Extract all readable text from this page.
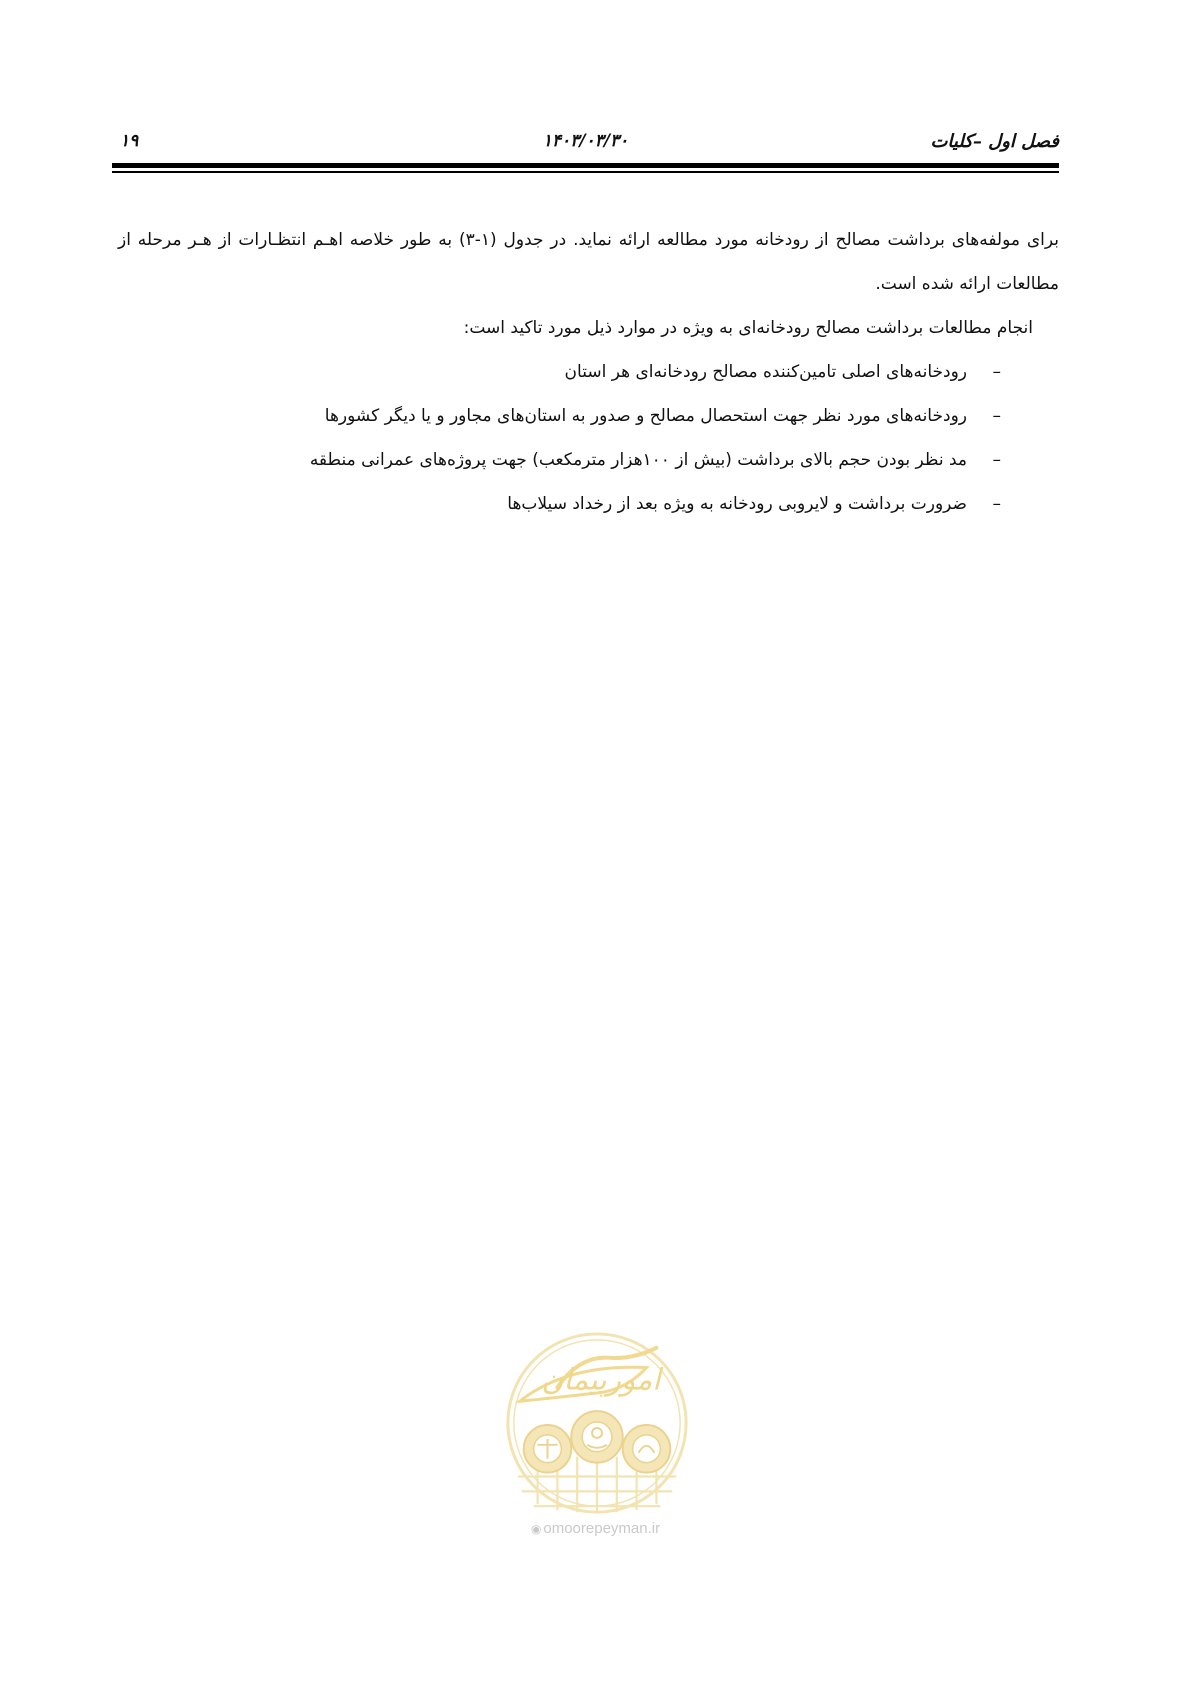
فصل اول –کلیات
۱۴۰۳/۰۳/۳۰
۱۹

برای مولفه‌های برداشت مصالح از رودخانه مورد مطالعه ارائه نماید. در جدول (۱-۳) به طور خلاصه اهـم انتظـارات از هـر مرحله از مطالعات ارائه شده است.

انجام مطالعات برداشت مصالح رودخانه‌ای به ویژه در موارد ذیل مورد تاکید است:

–
رودخانه‌های اصلی تامین‌کننده مصالح رودخانه‌ای هر استان
–
رودخانه‌های مورد نظر جهت استحصال مصالح و صدور به استان‌های مجاور و یا دیگر کشورها
–
مد نظر بودن حجم بالای برداشت (بیش از ۱۰۰هزار مترمکعب) جهت پروژه‌های عمرانی منطقه
–
ضرورت برداشت و لایروبی رودخانه به ویژه بعد از رخداد سیلاب‌ها
امورپیمان
◉ omoorepeyman.ir
